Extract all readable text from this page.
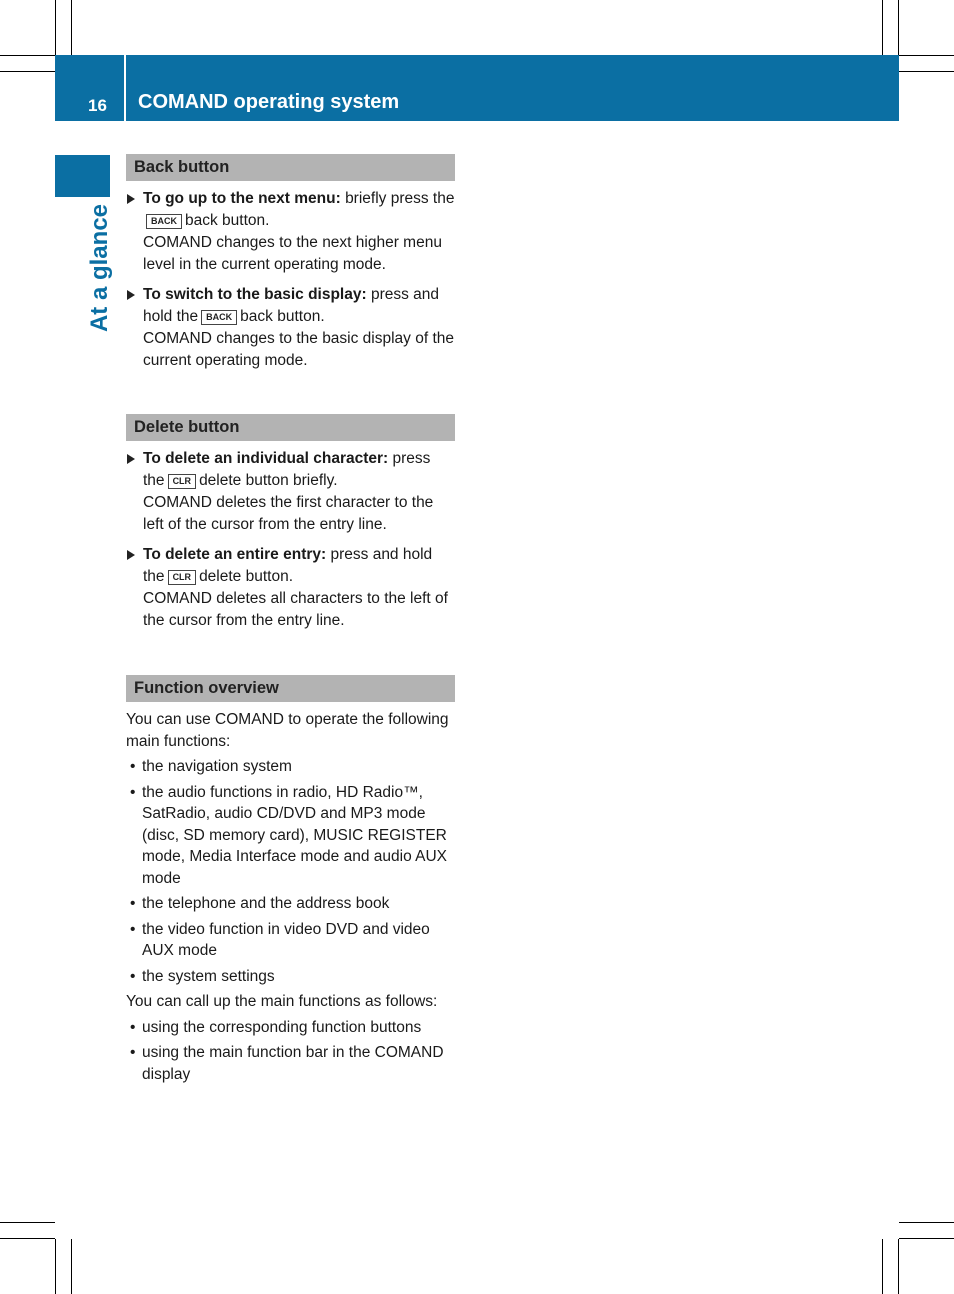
16 COMAND operating system
At a glance
Back button
To go up to the next menu: briefly press theBACK back button.
COMAND changes to the next higher menu level in the current operating mode.
To switch to the basic display: press and hold the BACK back button.
COMAND changes to the basic display of the current operating mode.
Delete button
To delete an individual character: press the CLR delete button briefly.
COMAND deletes the first character to the left of the cursor from the entry line.
To delete an entire entry: press and hold the CLR delete button.
COMAND deletes all characters to the left of the cursor from the entry line.
Function overview
You can use COMAND to operate the following main functions:
• the navigation system
• the audio functions in radio, HD Radio™, SatRadio, audio CD/DVD and MP3 mode (disc, SD memory card), MUSIC REGISTER mode, Media Interface mode and audio AUX mode
• the telephone and the address book
• the video function in video DVD and video AUX mode
• the system settings
You can call up the main functions as follows:
• using the corresponding function buttons
• using the main function bar in the COMAND display
